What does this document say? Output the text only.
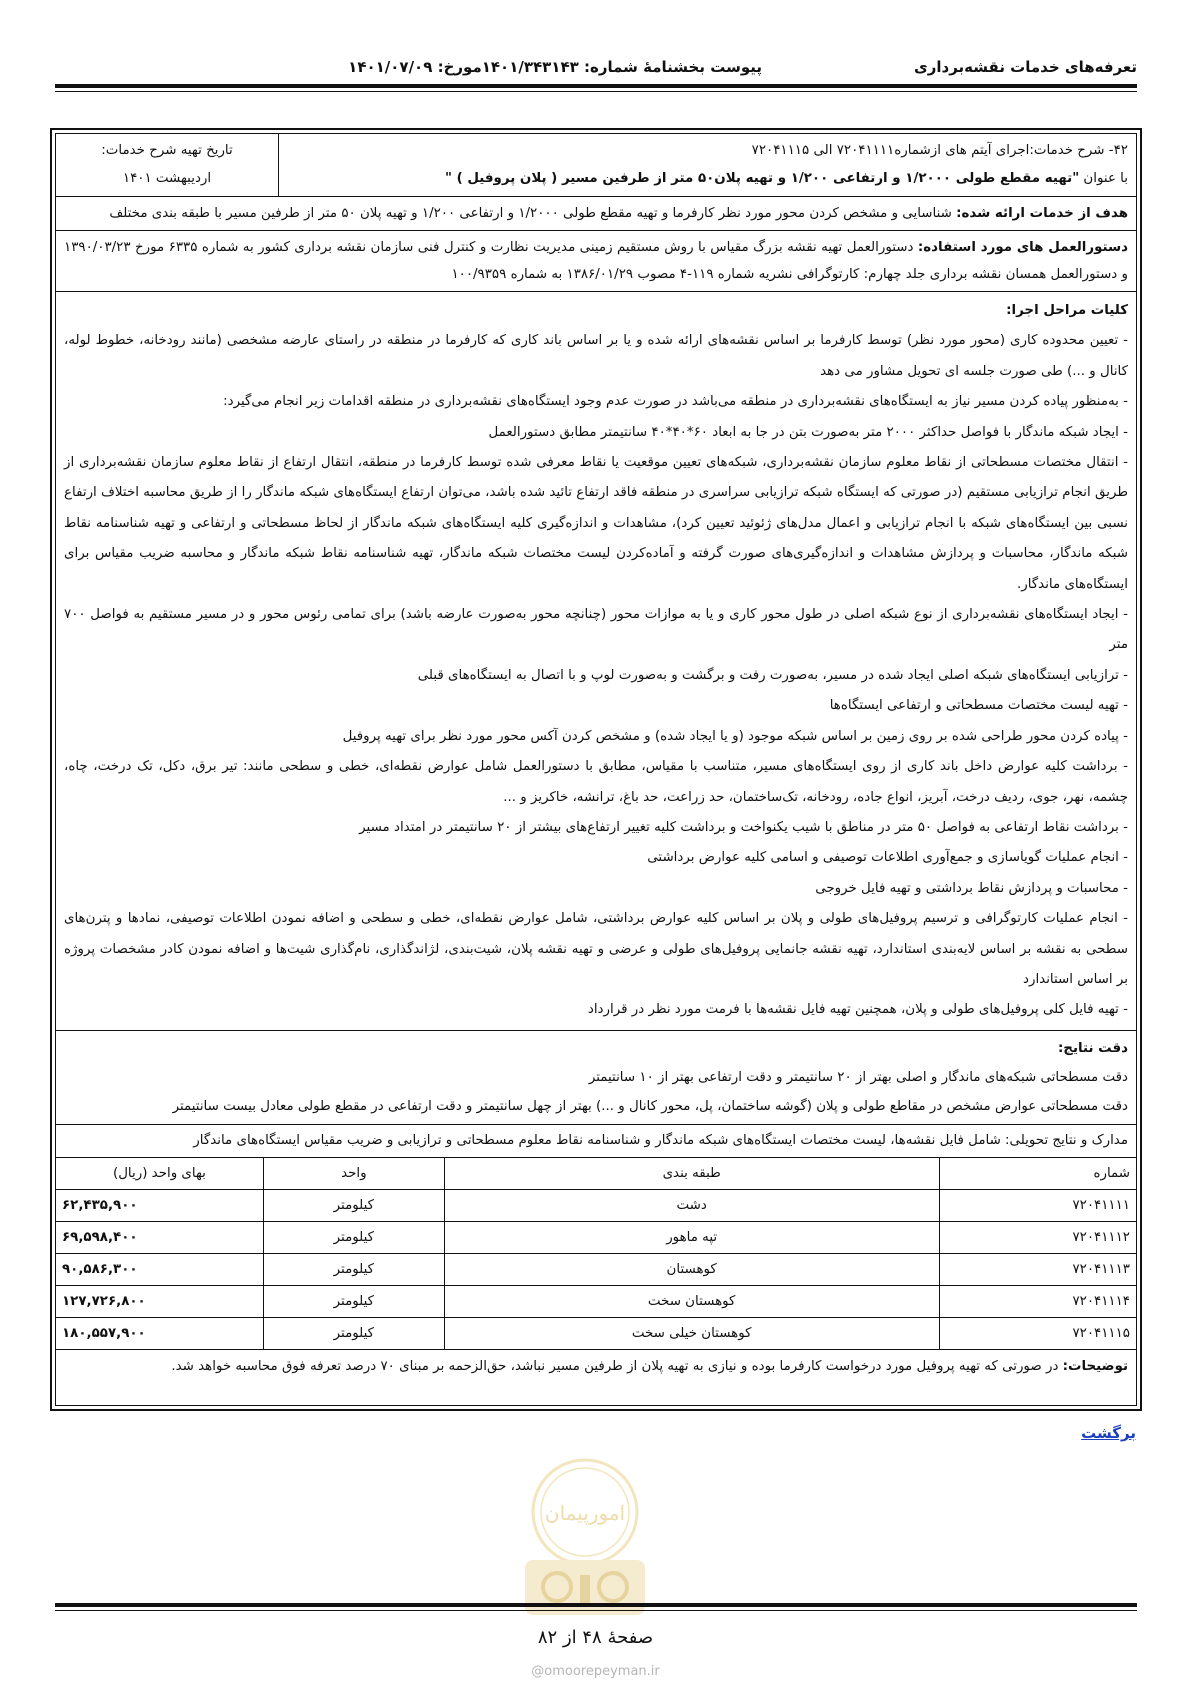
تعرفه‌های خدمات نقشه‌برداری
پیوست بخشنامهٔ شماره: ۱۴۰۱/۳۴۳۱۴۳مورخ: ۱۴۰۱/۰۷/۰۹
۴۲- شرح خدمات:اجرای آیتم های ازشماره۷۲۰۴۱۱۱۱ الی ۷۲۰۴۱۱۱۵
با عنوان "تهیه مقطع طولی ۱/۲۰۰۰ و ارتفاعی ۱/۲۰۰ و تهیه پلان۵۰ متر از طرفین مسیر ( پلان پروفیل ) "
تاریخ تهیه شرح خدمات:
اردیبهشت ۱۴۰۱
هدف از خدمات ارائه شده: شناسایی و مشخص کردن محور مورد نظر کارفرما و تهیه مقطع طولی ۱/۲۰۰۰ و ارتفاعی ۱/۲۰۰ و تهیه پلان ۵۰ متر از طرفین مسیر با طبقه بندی مختلف
دستورالعمل های مورد استفاده: دستورالعمل تهیه نقشه بزرگ مقیاس با روش مستقیم زمینی مدیریت نظارت و کنترل فنی سازمان نقشه برداری کشور به شماره ۶۳۳۵ مورخ ۱۳۹۰/۰۳/۲۳ و دستورالعمل همسان نقشه برداری جلد چهارم: کارتوگرافی نشریه شماره ۱۱۹-۴ مصوب ۱۳۸۶/۰۱/۲۹ به شماره ۱۰۰/۹۳۵۹

کلیات مراحل اجرا:

- تعیین محدوده کاری (محور مورد نظر) توسط کارفرما بر اساس نقشه‌های ارائه شده و یا بر اساس باند کاری که کارفرما در منطقه در راستای عارضه مشخصی (مانند رودخانه، خطوط لوله، کانال و ...) طی صورت جلسه ای تحویل مشاور می دهد

- به‌منظور پیاده کردن مسیر نیاز به ایستگاه‌های نقشه‌برداری در منطقه می‌باشد در صورت عدم وجود ایستگاه‌های نقشه‌برداری در منطقه اقدامات زیر انجام می‌گیرد:

- ایجاد شبکه ماندگار با فواصل حداکثر ۲۰۰۰ متر به‌صورت بتن در جا به ابعاد ۶۰*۴۰*۴۰ سانتیمتر مطابق دستورالعمل

- انتقال مختصات مسطحاتی از نقاط معلوم سازمان نقشه‌برداری، شبکه‌های تعیین موقعیت یا نقاط معرفی شده توسط کارفرما در منطقه، انتقال ارتفاع از نقاط معلوم سازمان نقشه‌برداری از طریق انجام ترازیابی مستقیم (در صورتی که ایستگاه شبکه ترازیابی سراسری در منطقه فاقد ارتفاع تائید شده باشد، می‌توان ارتفاع ایستگاه‌های شبکه ماندگار را از طریق محاسبه اختلاف ارتفاع نسبی بین ایستگاه‌های شبکه با انجام ترازیابی و اعمال مدل‌های ژئوئید تعیین کرد)، مشاهدات و اندازه‌گیری کلیه ایستگاه‌های شبکه ماندگار از لحاظ مسطحاتی و ارتفاعی و تهیه شناسنامه نقاط شبکه ماندگار، محاسبات و پردازش مشاهدات و اندازه‌گیری‌های صورت گرفته و آماده‌کردن لیست مختصات شبکه ماندگار، تهیه شناسنامه نقاط شبکه ماندگار و محاسبه ضریب مقیاس برای ایستگاه‌های ماندگار.

- ایجاد ایستگاه‌های نقشه‌برداری از نوع شبکه اصلی در طول محور کاری و یا به موازات محور (چنانچه محور به‌صورت عارضه باشد) برای تمامی رئوس محور و در مسیر مستقیم به فواصل ۷۰۰ متر

- ترازیابی ایستگاه‌های شبکه اصلی ایجاد شده در مسیر، به‌صورت رفت و برگشت و به‌صورت لوپ و با اتصال به ایستگاه‌های قبلی

- تهیه لیست مختصات مسطحاتی و ارتفاعی ایستگاه‌ها

- پیاده کردن محور طراحی شده بر روی زمین بر اساس شبکه موجود (و یا ایجاد شده) و مشخص کردن آکس محور مورد نظر برای تهیه پروفیل

- برداشت کلیه عوارض داخل باند کاری از روی ایستگاه‌های مسیر، متناسب با مقیاس، مطابق با دستورالعمل شامل عوارض نقطه‌ای، خطی و سطحی مانند: تیر برق، دکل، تک درخت، چاه، چشمه، نهر، جوی، ردیف درخت، آبریز، انواع جاده، رودخانه، تک‌ساختمان، حد زراعت، حد باغ، ترانشه، خاکریز و ...

- برداشت نقاط ارتفاعی به فواصل ۵۰ متر در مناطق با شیب یکنواخت و برداشت کلیه تغییر ارتفاع‌های بیشتر از ۲۰ سانتیمتر در امتداد مسیر

- انجام عملیات گویاسازی و جمع‌آوری اطلاعات توصیفی و اسامی کلیه عوارض برداشتی

- محاسبات و پردازش نقاط برداشتی و تهیه فایل خروجی

- انجام عملیات کارتوگرافی و ترسیم پروفیل‌های طولی و پلان بر اساس کلیه عوارض برداشتی، شامل عوارض نقطه‌ای، خطی و سطحی و اضافه نمودن اطلاعات توصیفی، نمادها و پترن‌های سطحی به نقشه بر اساس لایه‌بندی استاندارد، تهیه نقشه جانمایی پروفیل‌های طولی و عرضی و تهیه نقشه پلان، شیت‌بندی، لژاندگذاری، نام‌گذاری شیت‌ها و اضافه نمودن کادر مشخصات پروژه بر اساس استاندارد

- تهیه فایل کلی پروفیل‌های طولی و پلان، همچنین تهیه فایل نقشه‌ها با فرمت مورد نظر در قرارداد

دقت نتایج:
دقت مسطحاتی شبکه‌های ماندگار و اصلی بهتر از ۲۰ سانتیمتر و دقت ارتفاعی بهتر از ۱۰ سانتیمتر
دقت مسطحاتی عوارض مشخص در مقاطع طولی و پلان (گوشه ساختمان، پل، محور کانال و ...) بهتر از چهل سانتیمتر و دقت ارتفاعی در مقطع طولی معادل بیست سانتیمتر
مدارک و نتایج تحویلی: شامل فایل نقشه‌ها، لیست مختصات ایستگاه‌های شبکه ماندگار و شناسنامه نقاط معلوم مسطحاتی و ترازیابی و ضریب مقیاس ایستگاه‌های ماندگار
شماره	طبقه بندی	واحد	بهای واحد (ریال)
۷۲۰۴۱۱۱۱	دشت	کیلومتر	۶۲,۴۳۵,۹۰۰
۷۲۰۴۱۱۱۲	تپه ماهور	کیلومتر	۶۹,۵۹۸,۴۰۰
۷۲۰۴۱۱۱۳	کوهستان	کیلومتر	۹۰,۵۸۶,۳۰۰
۷۲۰۴۱۱۱۴	کوهستان سخت	کیلومتر	۱۲۷,۷۲۶,۸۰۰
۷۲۰۴۱۱۱۵	کوهستان خیلی سخت	کیلومتر	۱۸۰,۵۵۷,۹۰۰
توضیحات: در صورتی که تهیه پروفیل مورد درخواست کارفرما بوده و نیازی به تهیه پلان از طرفین مسیر نباشد، حق‌الزحمه بر مبنای ۷۰ درصد تعرفه فوق محاسبه خواهد شد.
برگشت
امورپیمان
صفحهٔ ۴۸ از ۸۲
@omoorepeyman.ir
